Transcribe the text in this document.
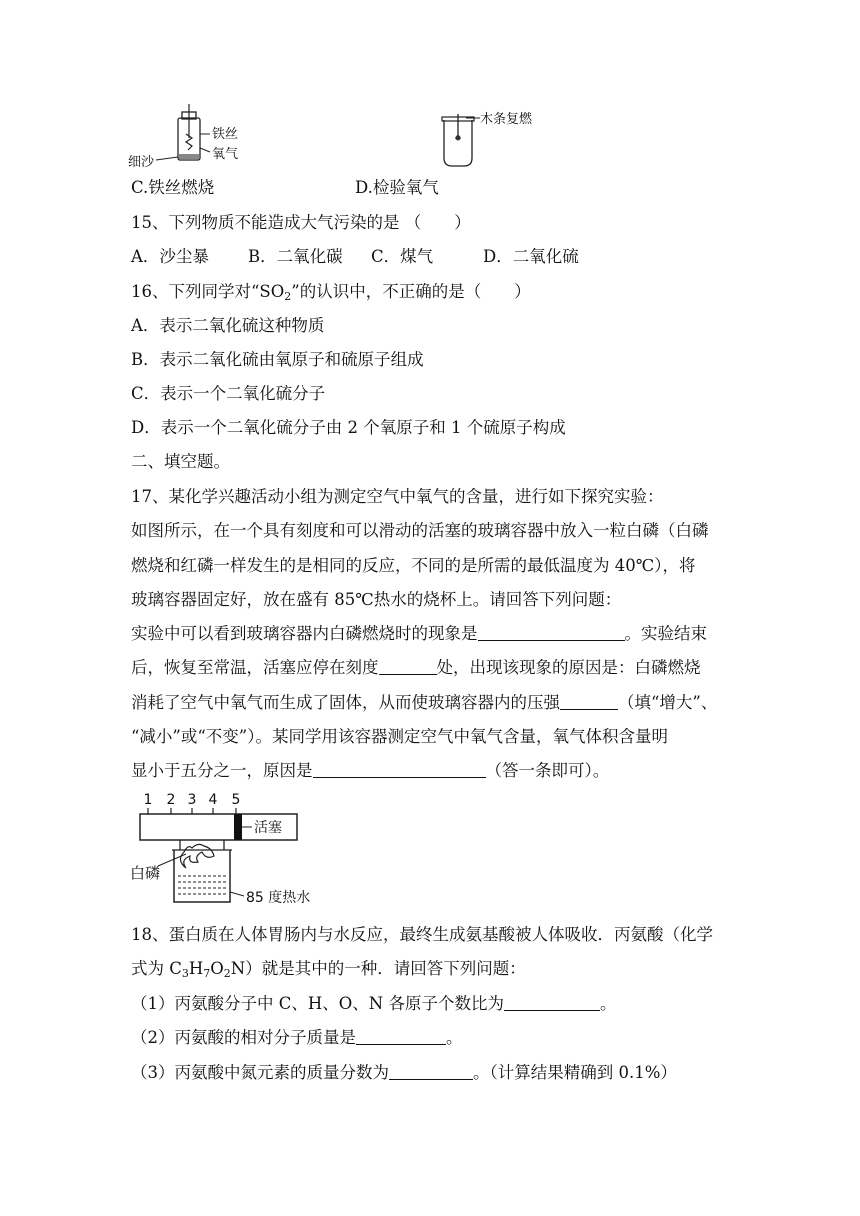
铁丝
氧气
细沙
木条复燃
C.铁丝燃烧	D.检验氧气
15、下列物质不能造成大气污染的是 （　　）
A．沙尘暴 B．二氧化碳 C．煤气	D．二氧化硫
16、下列同学对“$SO_2$”的认识中，不正确的是（　　）
A．表示二氧化硫这种物质
B．表示二氧化硫由氧原子和硫原子组成
C．表示一个二氧化硫分子
D．表示一个二氧化硫分子由 2 个氧原子和 1 个硫原子构成
二、填空题。
17、某化学兴趣活动小组为测定空气中氧气的含量，进行如下探究实验：
如图所示，在一个具有刻度和可以滑动的活塞的玻璃容器中放入一粒白磷（白磷
燃烧和红磷一样发生的是相同的反应，不同的是所需的最低温度为 40℃），将
玻璃容器固定好，放在盛有 85℃热水的烧杯上。请回答下列问题：
实验中可以看到玻璃容器内白磷燃烧时的现象是	。实验结束
后，恢复至常温，活塞应停在刻度	处，出现该现象的原因是：白磷燃烧
消耗了空气中氧气而生成了固体，从而使玻璃容器内的压强	（填“增大”、
“减小”或“不变”）。某同学用该容器测定空气中氧气含量，氧气体积含量明
显小于五分之一，原因是	（答一条即可）。
1 2 3 4 5
活塞
白磷
85 度热水
18、蛋白质在人体胃肠内与水反应，最终生成氨基酸被人体吸收．丙氨酸（化学
式为 $C_3H_7O_2N$）就是其中的一种．请回答下列问题：
（1）丙氨酸分子中 C、H、O、N 各原子个数比为	。
（2）丙氨酸的相对分子质量是	。
（3）丙氨酸中氮元素的质量分数为	。（计算结果精确到 0.1%）
